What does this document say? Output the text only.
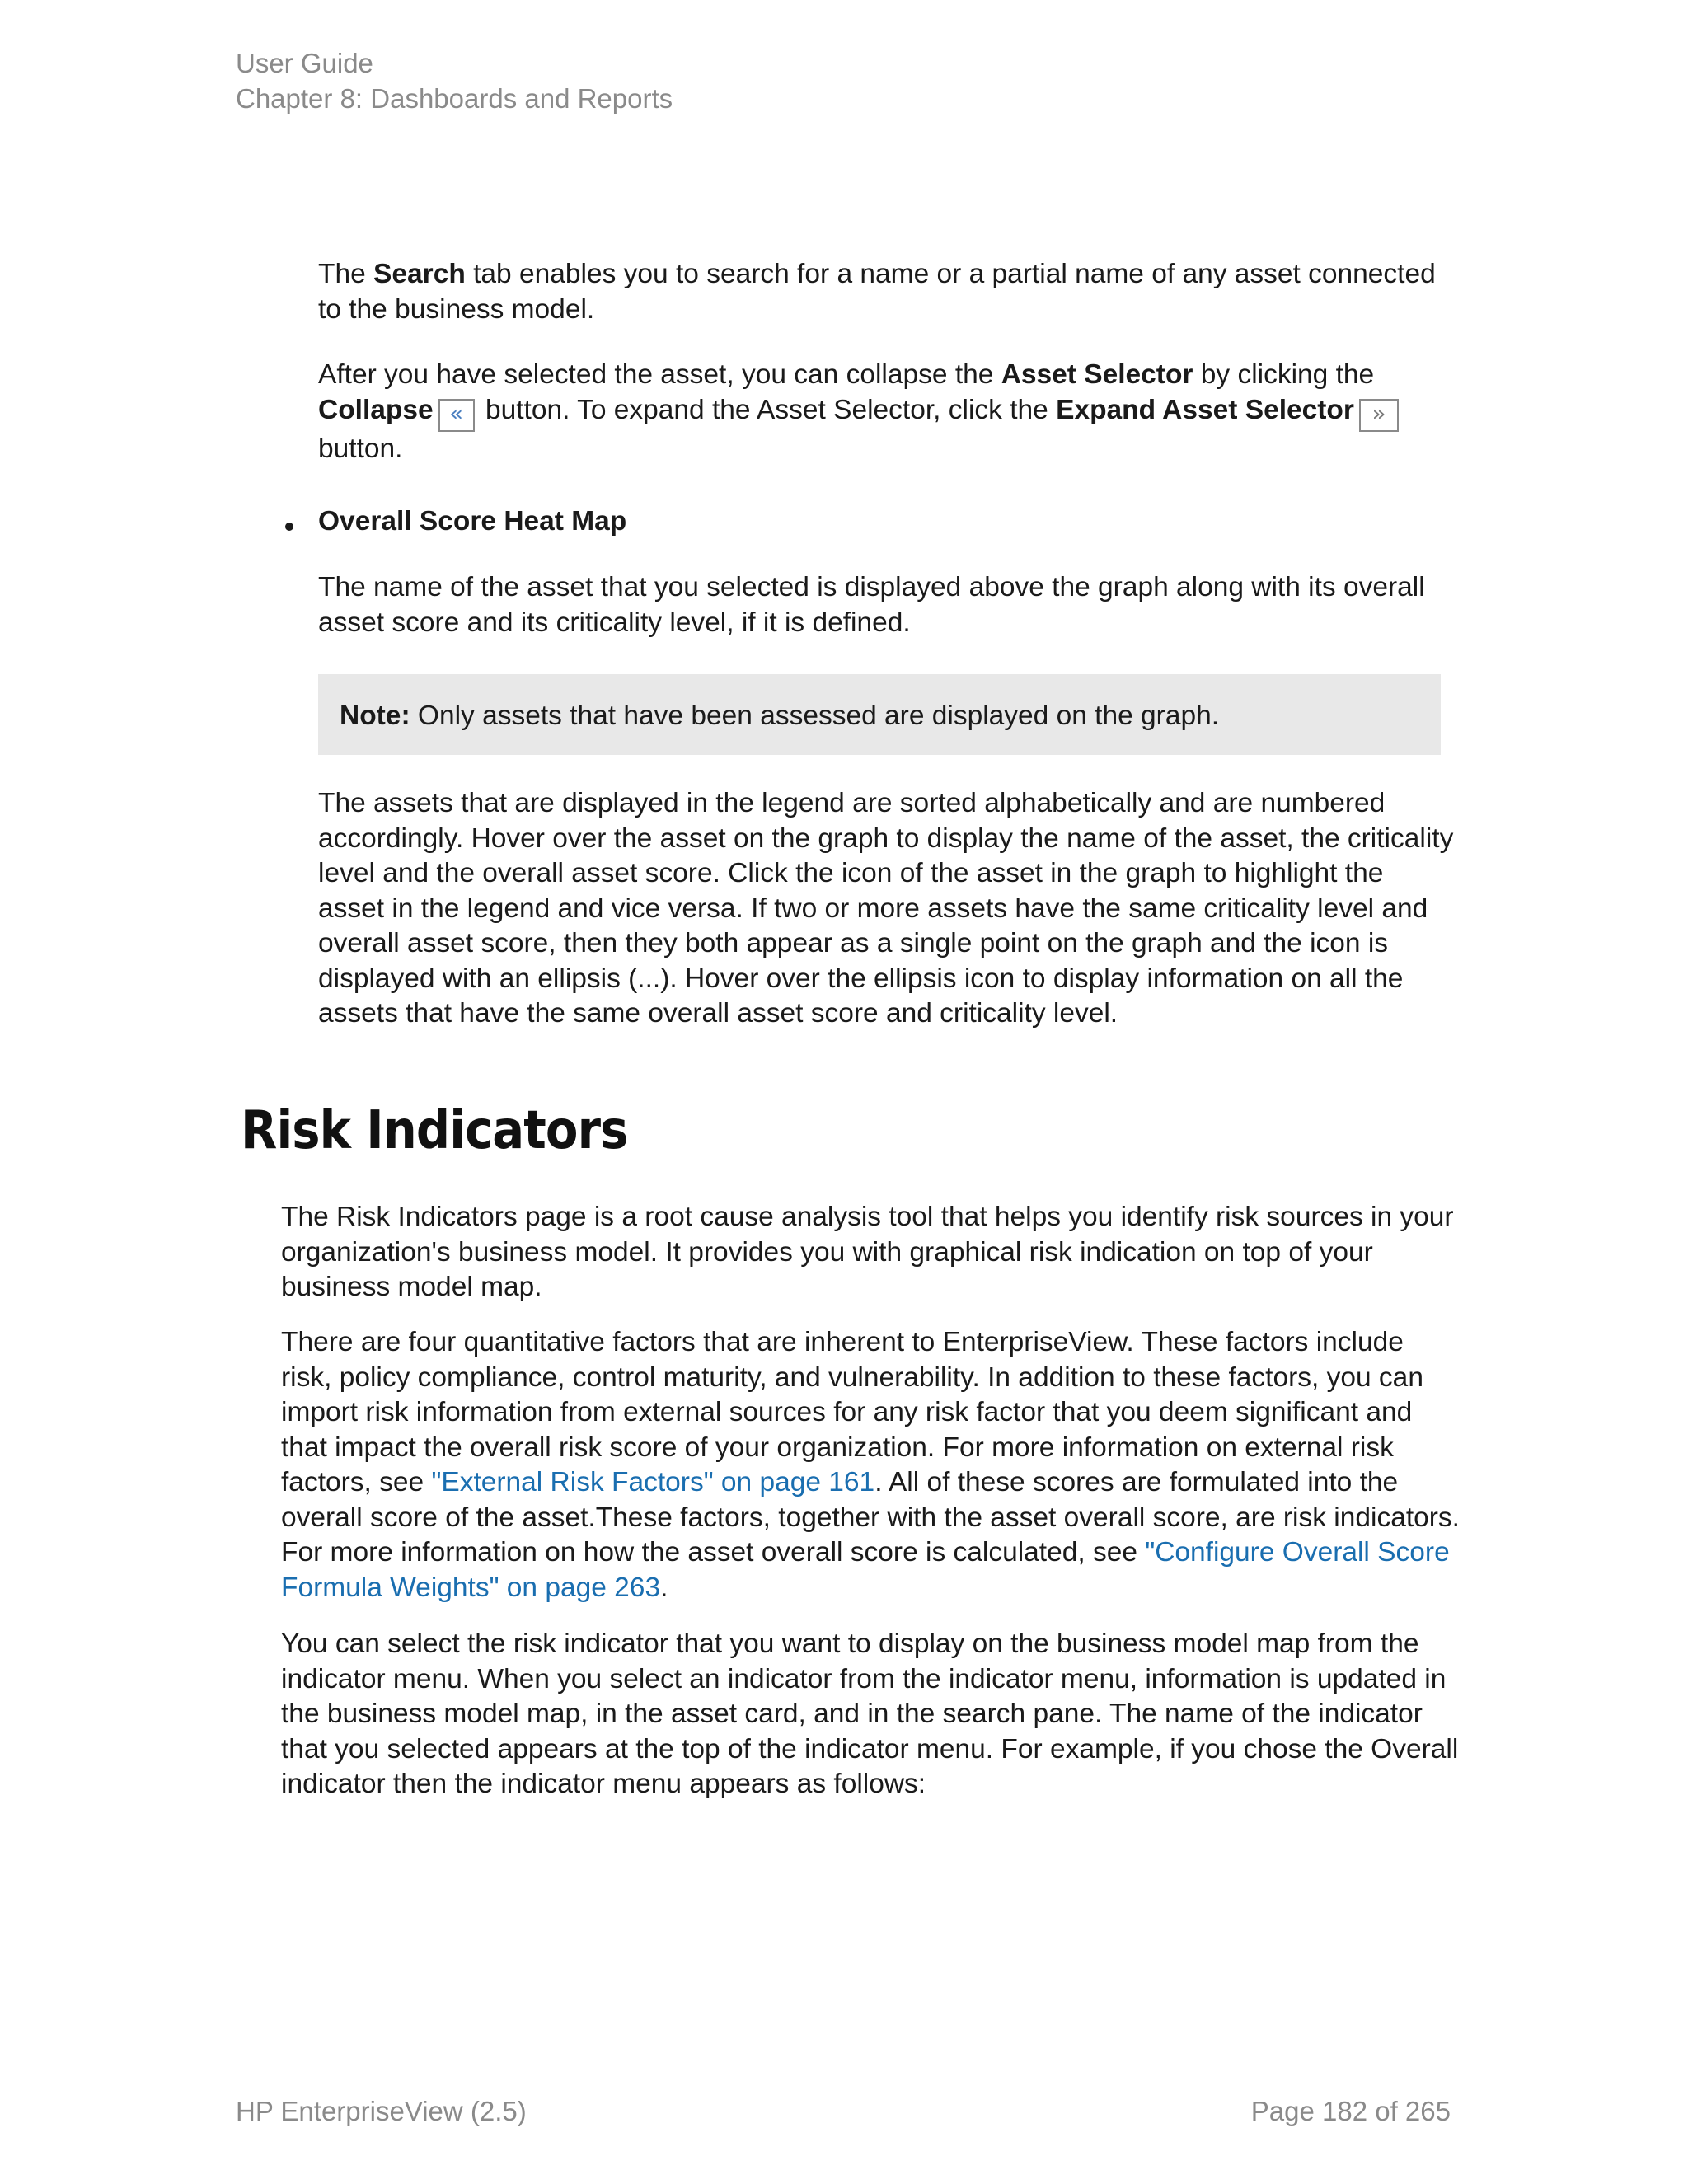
User Guide
Chapter 8: Dashboards and Reports

The Search tab enables you to search for a name or a partial name of any asset connected to the business model.

After you have selected the asset, you can collapse the Asset Selector by clicking the
Collapse « button. To expand the Asset Selector, click the Expand Asset Selector »
button.

Overall Score Heat Map

The name of the asset that you selected is displayed above the graph along with its overall asset score and its criticality level, if it is defined.

Note: Only assets that have been assessed are displayed on the graph.

The assets that are displayed in the legend are sorted alphabetically and are numbered accordingly. Hover over the asset on the graph to display the name of the asset, the criticality level and the overall asset score. Click the icon of the asset in the graph to highlight the asset in the legend and vice versa. If two or more assets have the same criticality level and overall asset score, then they both appear as a single point on the graph and the icon is displayed with an ellipsis (...). Hover over the ellipsis icon to display information on all the assets that have the same overall asset score and criticality level.

Risk Indicators

The Risk Indicators page is a root cause analysis tool that helps you identify risk sources in your organization's business model. It provides you with graphical risk indication on top of your business model map.

There are four quantitative factors that are inherent to EnterpriseView. These factors include risk, policy compliance, control maturity, and vulnerability. In addition to these factors, you can import risk information from external sources for any risk factor that you deem significant and that impact the overall risk score of your organization. For more information on external risk factors, see "External Risk Factors" on page 161. All of these scores are formulated into the overall score of the asset.These factors, together with the asset overall score, are risk indicators. For more information on how the asset overall score is calculated, see "Configure Overall Score Formula Weights" on page 263.

You can select the risk indicator that you want to display on the business model map from the indicator menu. When you select an indicator from the indicator menu, information is updated in the business model map, in the asset card, and in the search pane. The name of the indicator that you selected appears at the top of the indicator menu. For example, if you chose the Overall indicator then the indicator menu appears as follows:

HP EnterpriseView (2.5)	Page 182 of 265
